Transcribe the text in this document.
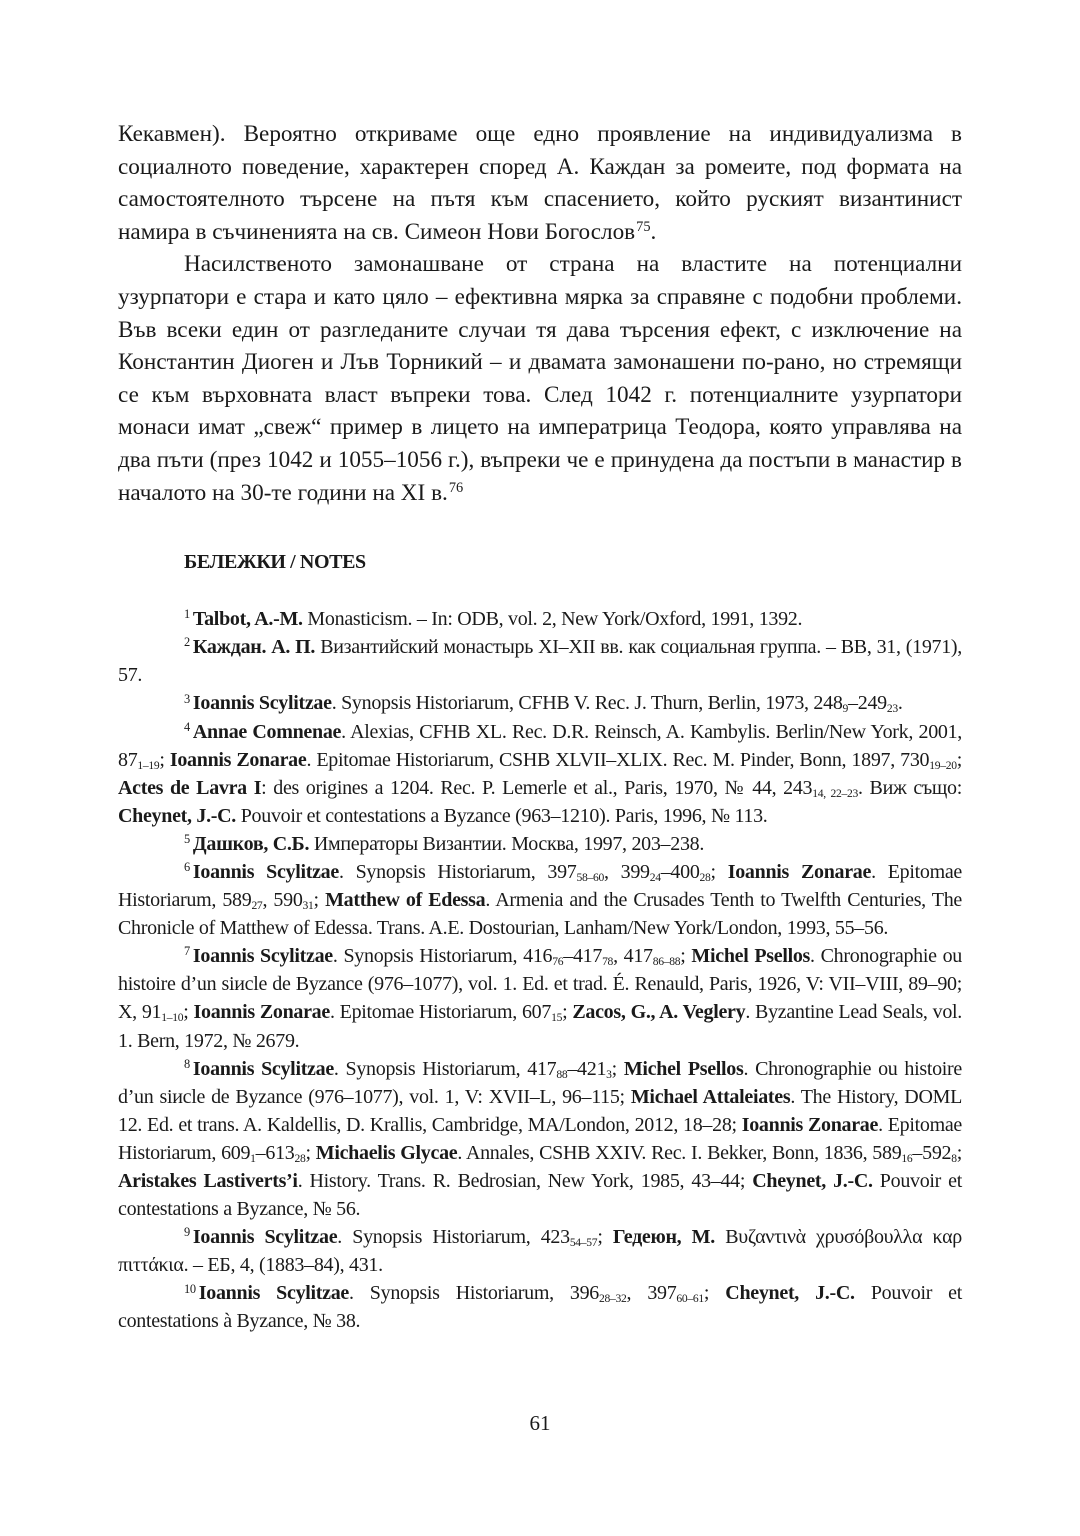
Кекавмен). Вероятно откриваме още едно проявление на индивидуализма в социалното поведение, характерен според А. Каждан за ромеите, под формата на самостоятелното търсене на пътя към спасението, който руският византинист намира в съчиненията на св. Симеон Нови Богослов$^{75}$.

Насилственото замонашване от страна на властите на потенциални узурпатори е стара и като цяло – ефективна мярка за справяне с подобни проблеми. Във всеки един от разгледаните случаи тя дава търсения ефект, с изключение на Константин Диоген и Лъв Торникий – и двамата замонашени по-рано, но стремящи се към върховната власт въпреки това. След 1042 г. потенциалните узурпатори монаси имат „свеж“ пример в лицето на императрица Теодора, която управлява на два пъти (през 1042 и 1055–1056 г.), въпреки че е принудена да постъпи в манастир в началото на 30-те години на XI в.$^{76}$

БЕЛЕЖКИ / NOTES

$^1$ Talbot, A.-M. Monasticism. – In: ODB, vol. 2, New York/Oxford, 1991, 1392.

$^2$ Каждан. А. П. Византийский монастырь XI–XII вв. как социальная группа. – ВВ, 31, (1971), 57.

$^3$ Ioannis Scylitzae. Synopsis Historiarum, CFHB V. Rec. J. Thurn, Berlin, 1973, $248_9-249_{23}$.

$^4$ Annae Comnenae. Alexias, CFHB XL. Rec. D.R. Reinsch, A. Kambylis. Berlin/New York, 2001, $87_{1-19}$; Ioannis Zonarae. Epitomae Historiarum, CSHB XLVII–XLIX. Rec. M. Pinder, Bonn, 1897, $730_{19-20}$; Actes de Lavra I: des origines a 1204. Rec. P. Lemerle et al., Paris, 1970, № 44, $243_{14, 22-23}$. Виж също: Cheynet, J.-C. Pouvoir et contestations a Byzance (963–1210). Paris, 1996, № 113.

$^5$ Дашков, С.Б. Императоры Византии. Москва, 1997, 203–238.

$^6$ Ioannis Scylitzae. Synopsis Historiarum, $397_{58-60}$, $399_{24}-400_{28}$; Ioannis Zonarae. Epitomae Historiarum, $589_{27}$, $590_{31}$; Matthew of Edessa. Armenia and the Crusades Tenth to Twelfth Centuries, The Chronicle of Matthew of Edessa. Trans. A.E. Dostourian, Lanham/New York/London, 1993, 55–56.

$^7$ Ioannis Scylitzae. Synopsis Historiarum, $416_{76}-417_{78}$, $417_{86-88}$; Michel Psellos. Chronographie ou histoire d’un siиcle de Byzance (976–1077), vol. 1. Ed. et trad. É. Renauld, Paris, 1926, V: VII–VIII, 89–90; X, $91_{1-10}$; Ioannis Zonarae. Epitomae Historiarum, $607_{15}$; Zacos, G., A. Veglery. Byzantine Lead Seals, vol. 1. Bern, 1972, № 2679.

$^8$ Ioannis Scylitzae. Synopsis Historiarum, $417_{88}-421_3$; Michel Psellos. Chronographie ou histoire d’un siиcle de Byzance (976–1077), vol. 1, V: XVII–L, 96–115; Michael Attaleiates. The History, DOML 12. Ed. et trans. A. Kaldellis, D. Krallis, Cambridge, MA/London, 2012, 18–28; Ioannis Zonarae. Epitomae Historiarum, $609_1-613_{28}$; Michaelis Glycae. Annales, CSHB XXIV. Rec. I. Bekker, Bonn, 1836, $589_{16}-592_8$; Aristakes Lastiverts’i. History. Trans. R. Bedrosian, New York, 1985, 43–44; Cheynet, J.-C. Pouvoir et contestations a Byzance, № 56.

$^9$ Ioannis Scylitzae. Synopsis Historiarum, $423_{54-57}$; Гедеюн, М. Βυζαντινὰ χρυσόβουλλα καρ πιττάκια. – ЕБ, 4, (1883–84), 431.

$^{10}$ Ioannis Scylitzae. Synopsis Historiarum, $396_{28-32}$, $397_{60-61}$; Cheynet, J.-C. Pouvoir et contestations à Byzance, № 38.

61
